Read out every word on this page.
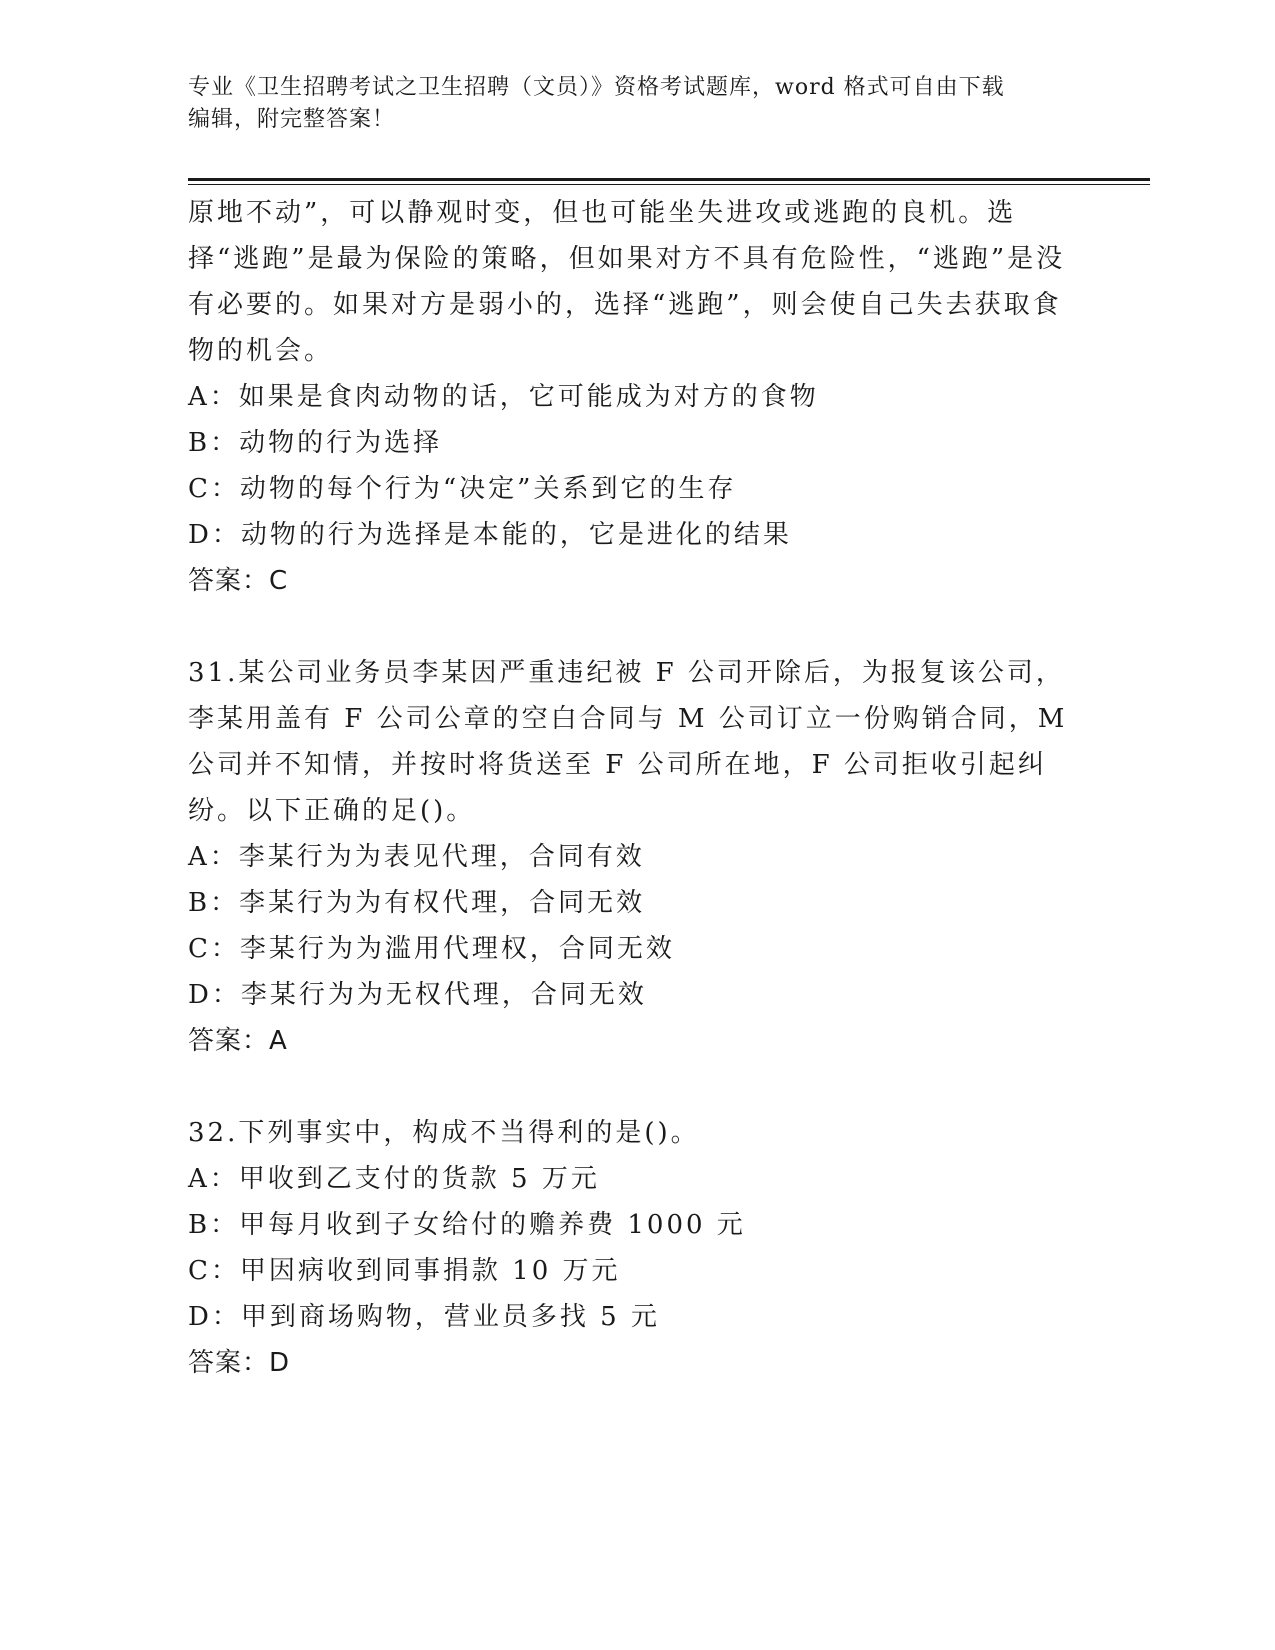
专业《卫生招聘考试之卫生招聘（文员）》资格考试题库，word 格式可自由下载
编辑，附完整答案！

原地不动”，可以静观时变，但也可能坐失进攻或逃跑的良机。选择“逃跑”是最为保险的策略，但如果对方不具有危险性，“逃跑”是没有必要的。如果对方是弱小的，选择“逃跑”，则会使自己失去获取食物的机会。

A：如果是食肉动物的话，它可能成为对方的食物

B：动物的行为选择

C：动物的每个行为“决定”关系到它的生存

D：动物的行为选择是本能的，它是进化的结果

答案：C

31.某公司业务员李某因严重违纪被 F 公司开除后，为报复该公司，李某用盖有 F 公司公章的空白合同与 M 公司订立一份购销合同，M 公司并不知情，并按时将货送至 F 公司所在地，F 公司拒收引起纠纷。以下正确的足()。

A：李某行为为表见代理，合同有效

B：李某行为为有权代理，合同无效

C：李某行为为滥用代理权，合同无效

D：李某行为为无权代理，合同无效

答案：A

32.下列事实中，构成不当得利的是()。

A：甲收到乙支付的货款 5 万元

B：甲每月收到子女给付的赡养费 1000 元

C：甲因病收到同事捐款 10 万元

D：甲到商场购物，营业员多找 5 元

答案：D
